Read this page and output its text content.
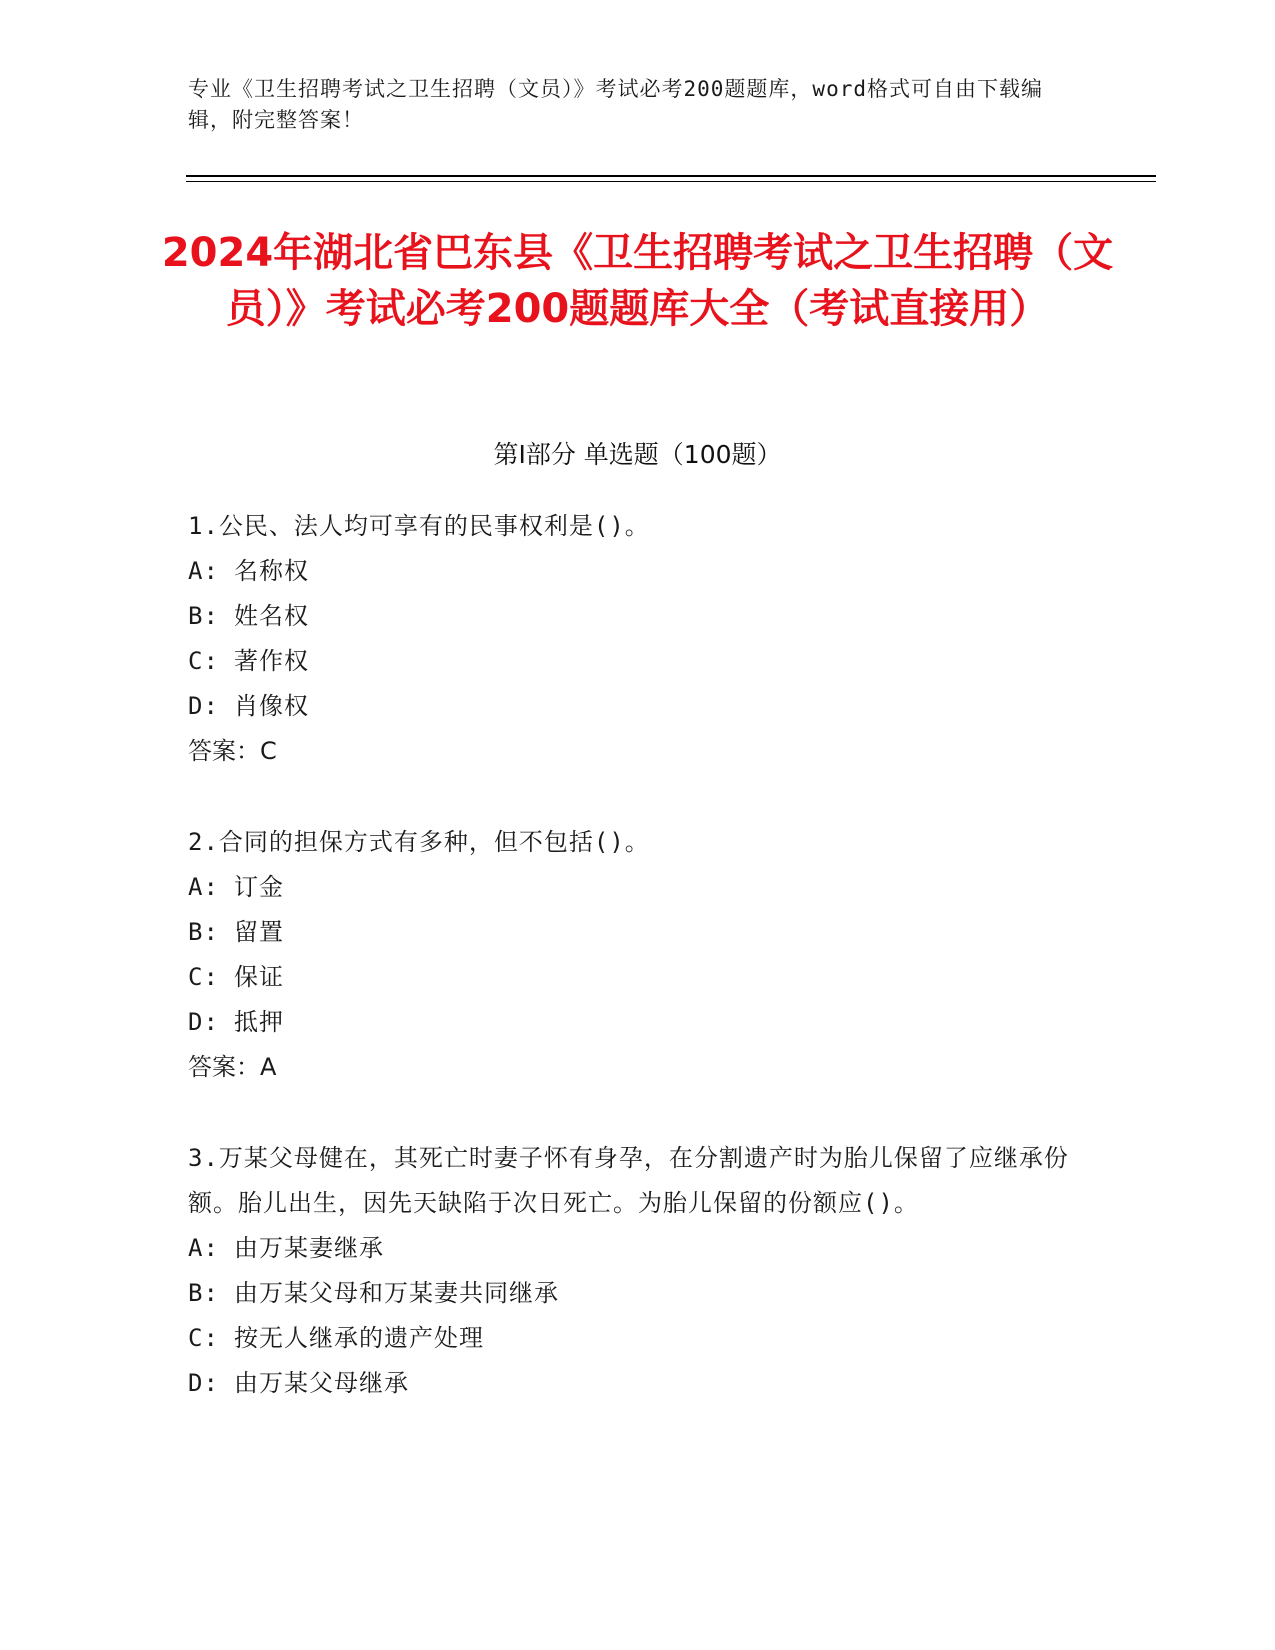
专业《卫生招聘考试之卫生招聘（文员）》考试必考200题题库，word格式可自由下载编辑，附完整答案！
2024年湖北省巴东县《卫生招聘考试之卫生招聘（文员）》考试必考200题题库大全（考试直接用）
第I部分 单选题（100题）

1.公民、法人均可享有的民事权利是()。

A: 名称权

B: 姓名权

C: 著作权

D: 肖像权

答案：C

2.合同的担保方式有多种，但不包括()。

A: 订金

B: 留置

C: 保证

D: 抵押

答案：A

3.万某父母健在，其死亡时妻子怀有身孕，在分割遗产时为胎儿保留了应继承份额。胎儿出生，因先天缺陷于次日死亡。为胎儿保留的份额应()。

A: 由万某妻继承

B: 由万某父母和万某妻共同继承

C: 按无人继承的遗产处理

D: 由万某父母继承
